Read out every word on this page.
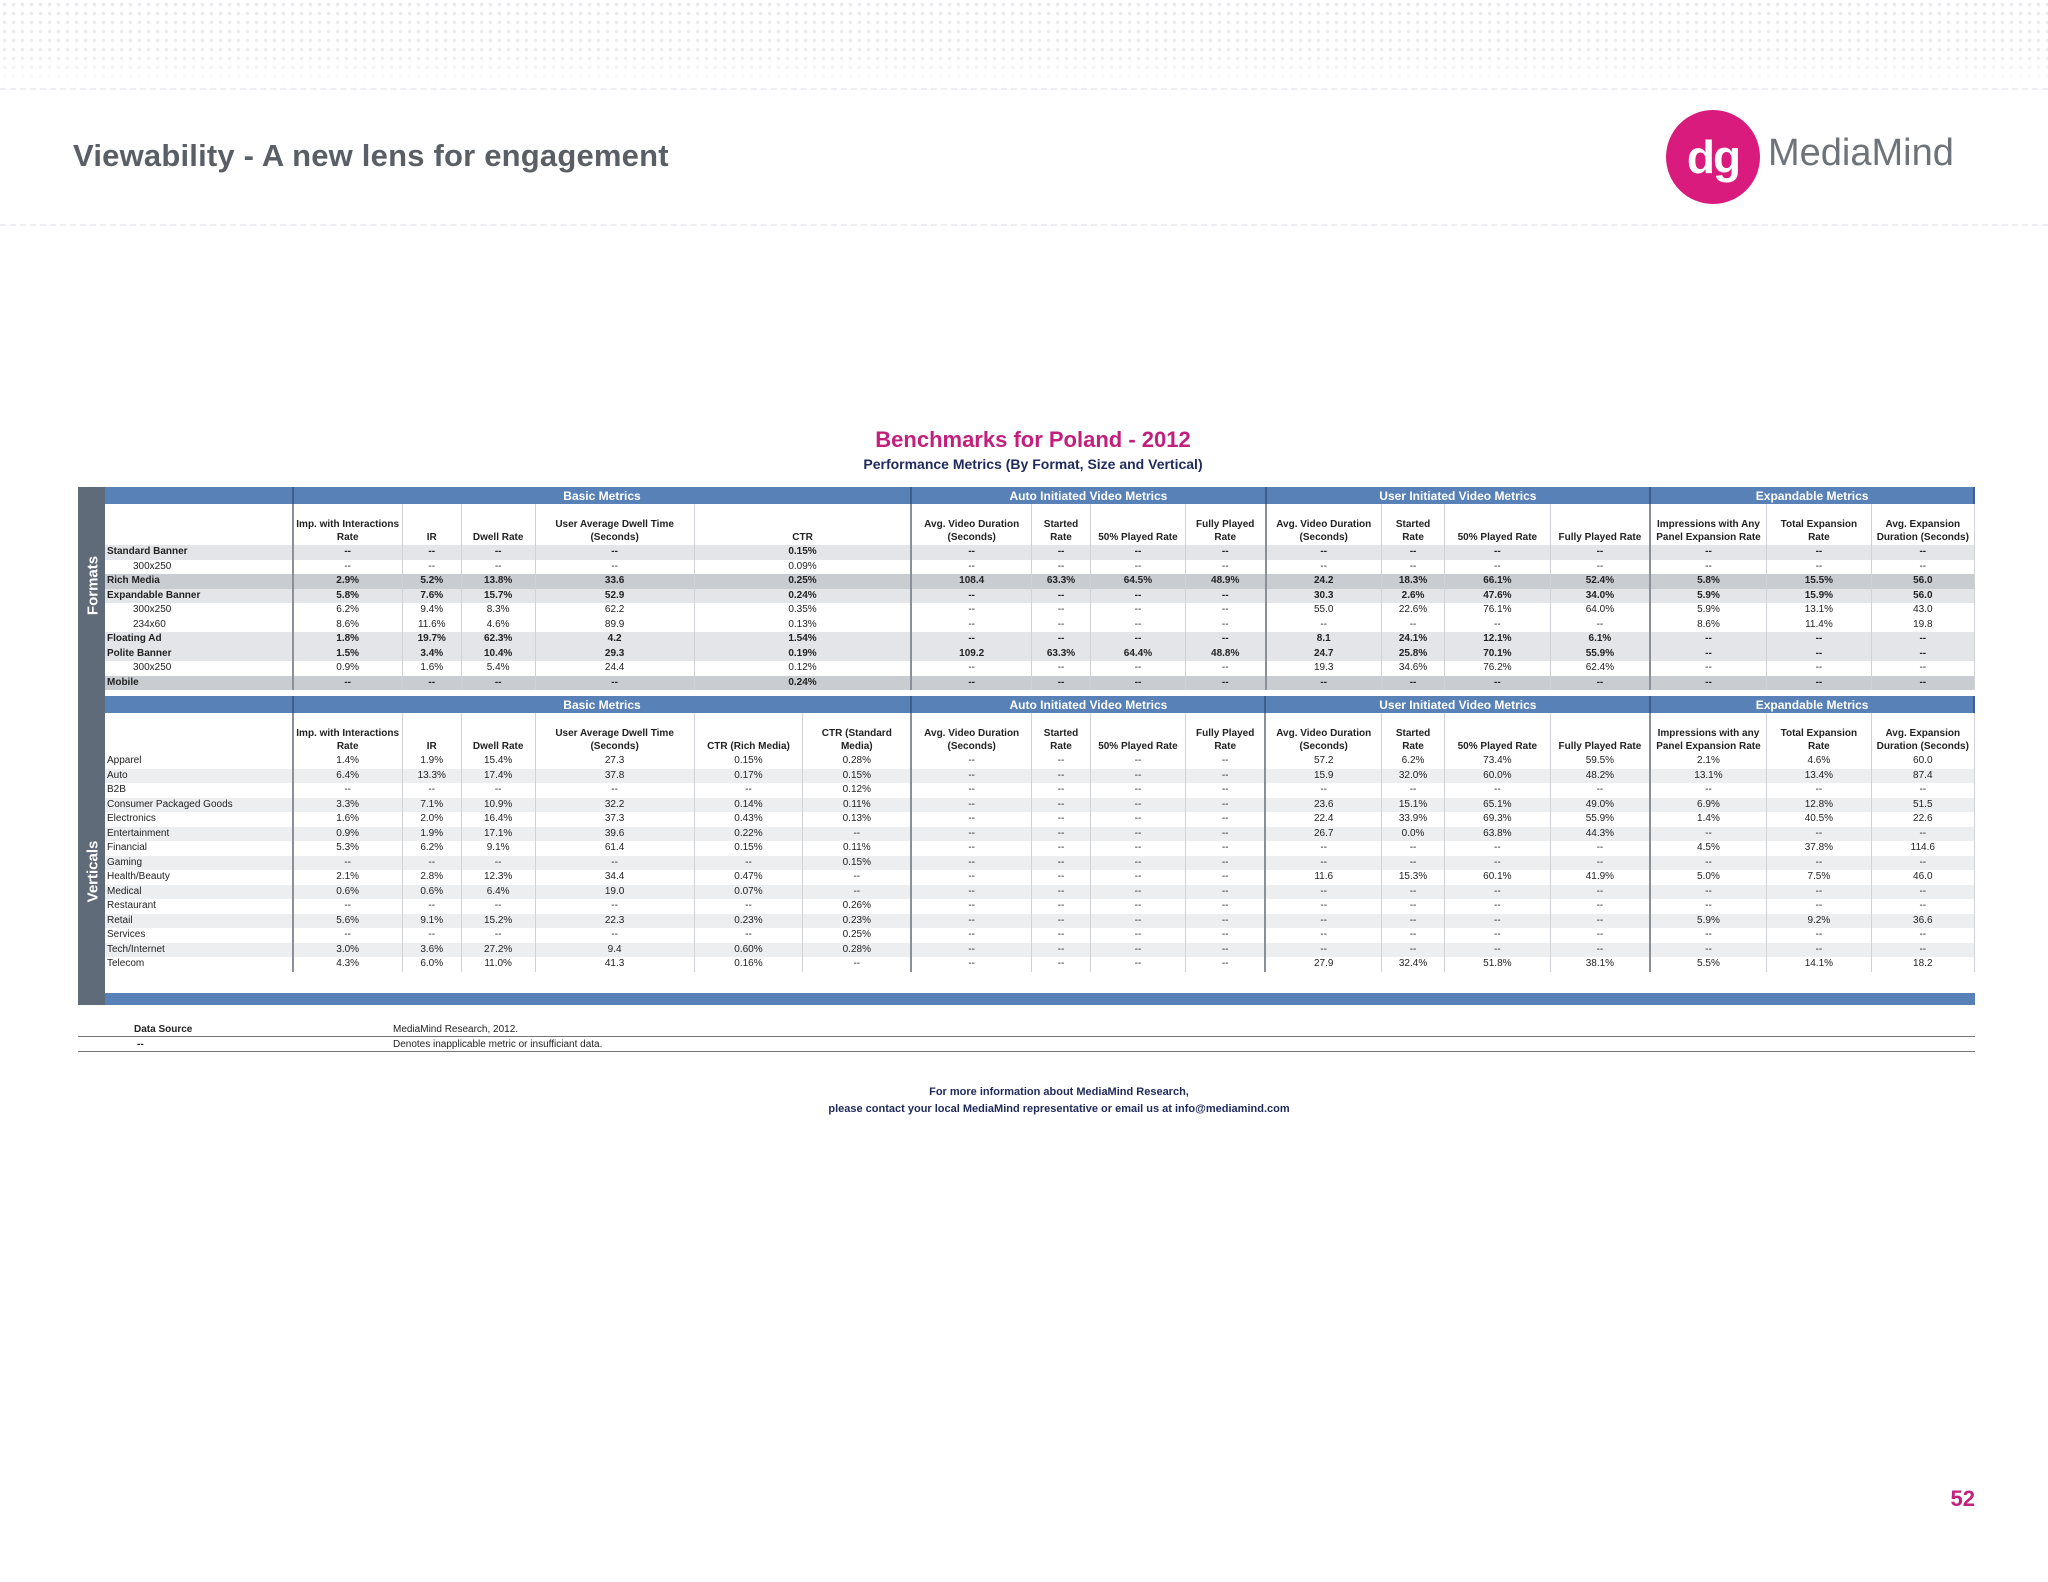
Viewability - A new lens for engagement	dg MediaMind
Benchmarks for Poland - 2012
Performance Metrics (By Format, Size and Vertical)
Formats
Verticals
	Basic Metrics					Auto Initiated Video Metrics				User Initiated Video Metrics				Expandable Metrics		
	Imp. with Interactions Rate	IR	Dwell Rate	User Average Dwell Time (Seconds)	CTR	Avg. Video Duration (Seconds)	Started Rate	50% Played Rate	Fully Played Rate	Avg. Video Duration (Seconds)	Started Rate	50% Played Rate	Fully Played Rate	Impressions with Any Panel Expansion Rate	Total Expansion Rate	Avg. Expansion Duration (Seconds)
Standard Banner	--	--	--	--	0.15%	--	--	--	--	--	--	--	--	--	--	--
300x250	--	--	--	--	0.09%	--	--	--	--	--	--	--	--	--	--	--
Rich Media	2.9%	5.2%	13.8%	33.6	0.25%	108.4	63.3%	64.5%	48.9%	24.2	18.3%	66.1%	52.4%	5.8%	15.5%	56.0
Expandable Banner	5.8%	7.6%	15.7%	52.9	0.24%	--	--	--	--	30.3	2.6%	47.6%	34.0%	5.9%	15.9%	56.0
300x250	6.2%	9.4%	8.3%	62.2	0.35%	--	--	--	--	55.0	22.6%	76.1%	64.0%	5.9%	13.1%	43.0
234x60	8.6%	11.6%	4.6%	89.9	0.13%	--	--	--	--	--	--	--	--	8.6%	11.4%	19.8
Floating Ad	1.8%	19.7%	62.3%	4.2	1.54%	--	--	--	--	8.1	24.1%	12.1%	6.1%	--	--	--
Polite Banner	1.5%	3.4%	10.4%	29.3	0.19%	109.2	63.3%	64.4%	48.8%	24.7	25.8%	70.1%	55.9%	--	--	--
300x250	0.9%	1.6%	5.4%	24.4	0.12%	--	--	--	--	19.3	34.6%	76.2%	62.4%	--	--	--
Mobile	--	--	--	--	0.24%	--	--	--	--	--	--	--	--	--	--	--
	Basic Metrics						Auto Initiated Video Metrics				User Initiated Video Metrics				Expandable Metrics		
	Imp. with Interactions Rate	IR	Dwell Rate	User Average Dwell Time (Seconds)	CTR (Rich Media)	CTR (Standard Media)	Avg. Video Duration (Seconds)	Started Rate	50% Played Rate	Fully Played Rate	Avg. Video Duration (Seconds)	Started Rate	50% Played Rate	Fully Played Rate	Impressions with any Panel Expansion Rate	Total Expansion Rate	Avg. Expansion Duration (Seconds)
Apparel	1.4%	1.9%	15.4%	27.3	0.15%	0.28%	--	--	--	--	57.2	6.2%	73.4%	59.5%	2.1%	4.6%	60.0
Auto	6.4%	13.3%	17.4%	37.8	0.17%	0.15%	--	--	--	--	15.9	32.0%	60.0%	48.2%	13.1%	13.4%	87.4
B2B	--	--	--	--	--	0.12%	--	--	--	--	--	--	--	--	--	--	--
Consumer Packaged Goods	3.3%	7.1%	10.9%	32.2	0.14%	0.11%	--	--	--	--	23.6	15.1%	65.1%	49.0%	6.9%	12.8%	51.5
Electronics	1.6%	2.0%	16.4%	37.3	0.43%	0.13%	--	--	--	--	22.4	33.9%	69.3%	55.9%	1.4%	40.5%	22.6
Entertainment	0.9%	1.9%	17.1%	39.6	0.22%	--	--	--	--	--	26.7	0.0%	63.8%	44.3%	--	--	--
Financial	5.3%	6.2%	9.1%	61.4	0.15%	0.11%	--	--	--	--	--	--	--	--	4.5%	37.8%	114.6
Gaming	--	--	--	--	--	0.15%	--	--	--	--	--	--	--	--	--	--	--
Health/Beauty	2.1%	2.8%	12.3%	34.4	0.47%	--	--	--	--	--	11.6	15.3%	60.1%	41.9%	5.0%	7.5%	46.0
Medical	0.6%	0.6%	6.4%	19.0	0.07%	--	--	--	--	--	--	--	--	--	--	--	--
Restaurant	--	--	--	--	--	0.26%	--	--	--	--	--	--	--	--	--	--	--
Retail	5.6%	9.1%	15.2%	22.3	0.23%	0.23%	--	--	--	--	--	--	--	--	5.9%	9.2%	36.6
Services	--	--	--	--	--	0.25%	--	--	--	--	--	--	--	--	--	--	--
Tech/Internet	3.0%	3.6%	27.2%	9.4	0.60%	0.28%	--	--	--	--	--	--	--	--	--	--	--
Telecom	4.3%	6.0%	11.0%	41.3	0.16%	--	--	--	--	--	27.9	32.4%	51.8%	38.1%	5.5%	14.1%	18.2
Data Source	MediaMind Research, 2012.
--	Denotes inapplicable metric or insufficiant data.
For more information about MediaMind Research,
please contact your local MediaMind representative or email us at info@mediamind.com
52
